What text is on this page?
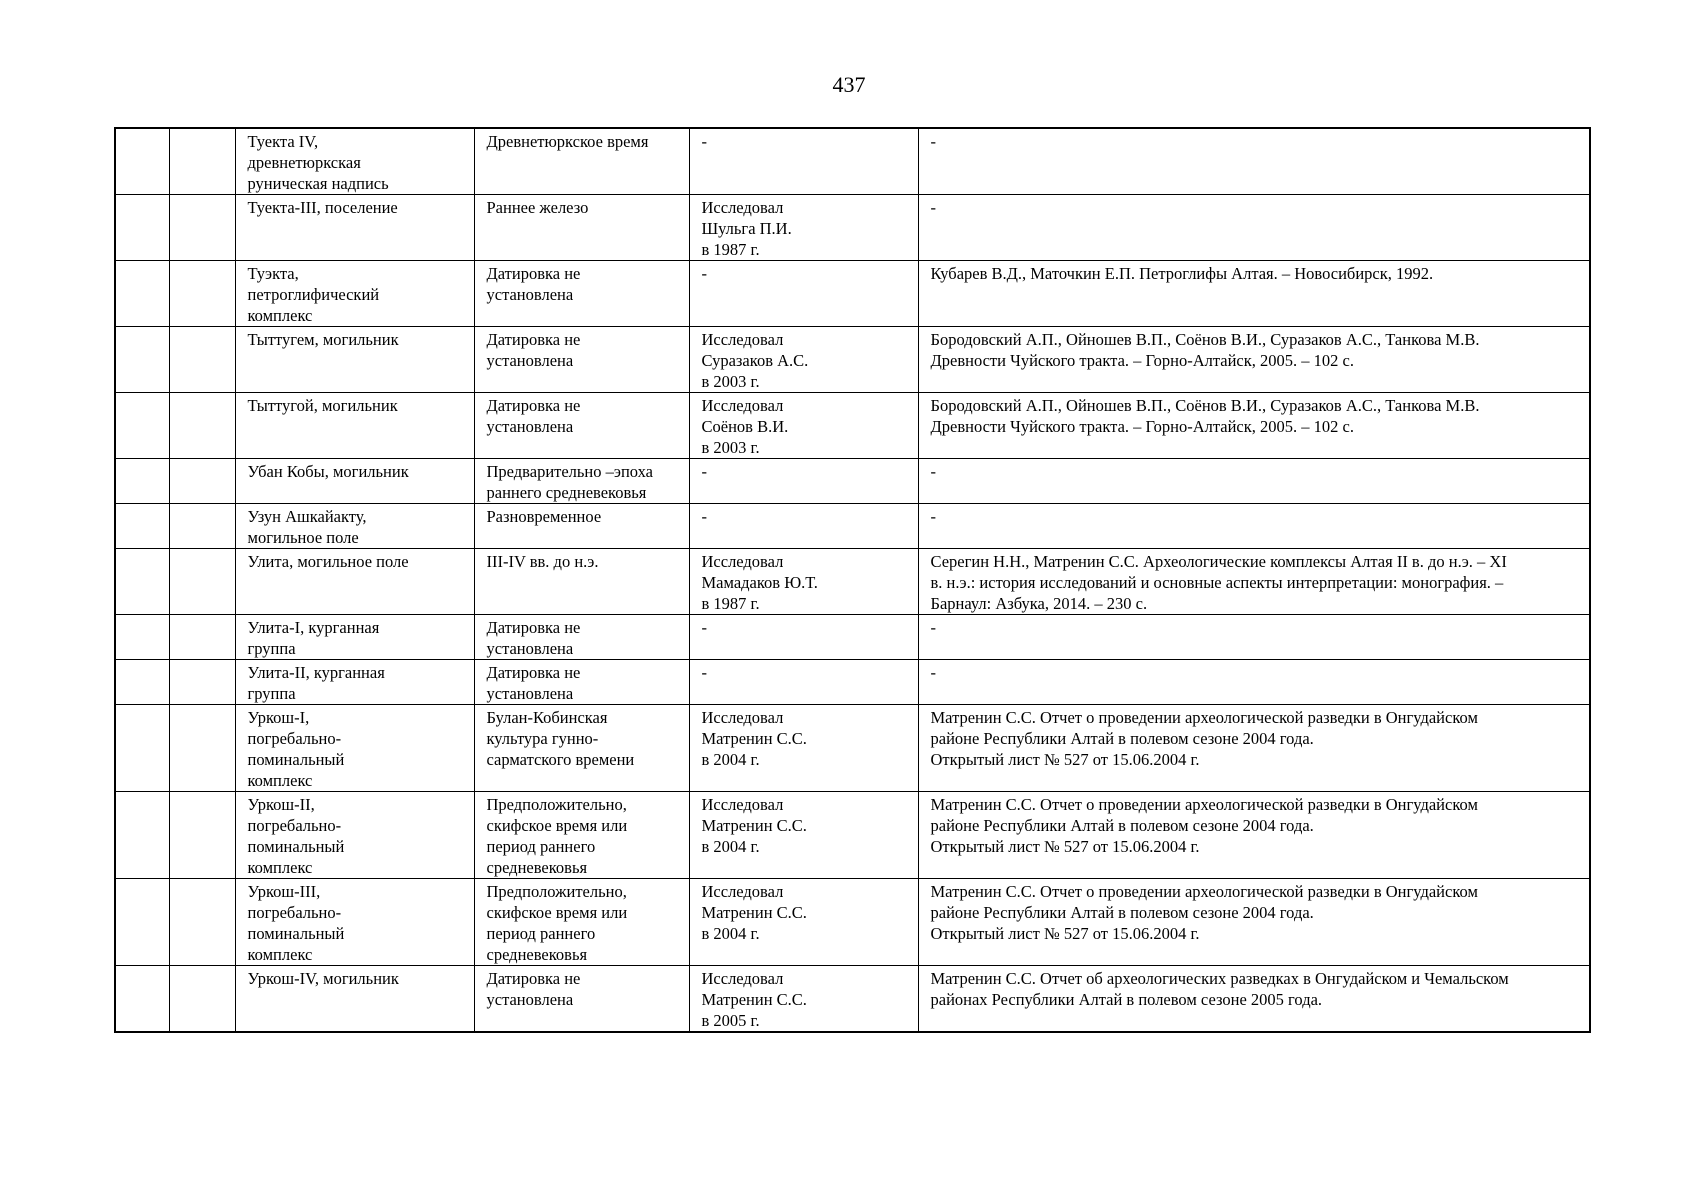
437
		Туекта IV,
древнетюркская
руническая надпись	Древнетюркское время	-	-
		Туекта-III, поселение	Раннее железо	Исследовал
Шульга П.И.
в 1987 г.	-
		Туэкта,
петроглифический
комплекс	Датировка не
установлена	-	Кубарев В.Д., Маточкин Е.П. Петроглифы Алтая. – Новосибирск, 1992.
		Тыттугем, могильник	Датировка не
установлена	Исследовал
Суразаков А.С.
в 2003 г.	Бородовский А.П., Ойношев В.П., Соёнов В.И., Суразаков А.С., Танкова М.В.
Древности Чуйского тракта. – Горно-Алтайск, 2005. – 102 с.
		Тыттугой, могильник	Датировка не
установлена	Исследовал
Соёнов В.И.
в 2003 г.	Бородовский А.П., Ойношев В.П., Соёнов В.И., Суразаков А.С., Танкова М.В.
Древности Чуйского тракта. – Горно-Алтайск, 2005. – 102 с.
		Убан Кобы, могильник	Предварительно –эпоха
раннего средневековья	-	-
		Узун Ашкайакту,
могильное поле	Разновременное	-	-
		Улита, могильное поле	III-IV вв. до н.э.	Исследовал
Мамадаков Ю.Т.
в 1987 г.	Серегин Н.Н., Матренин С.С. Археологические комплексы Алтая II в. до н.э. – XI
в. н.э.: история исследований и основные аспекты интерпретации: монография. –
Барнаул: Азбука, 2014. – 230 с.
		Улита-I, курганная
группа	Датировка не
установлена	-	-
		Улита-II, курганная
группа	Датировка не
установлена	-	-
		Уркош-I,
погребально-
поминальный
комплекс	Булан-Кобинская
культура гунно-
сарматского времени	Исследовал
Матренин С.С.
в 2004 г.	Матренин С.С. Отчет о проведении археологической разведки в Онгудайском
районе Республики Алтай в полевом сезоне 2004 года.
Открытый лист № 527 от 15.06.2004 г.
		Уркош-II,
погребально-
поминальный
комплекс	Предположительно,
скифское время или
период раннего
средневековья	Исследовал
Матренин С.С.
в 2004 г.	Матренин С.С. Отчет о проведении археологической разведки в Онгудайском
районе Республики Алтай в полевом сезоне 2004 года.
Открытый лист № 527 от 15.06.2004 г.
		Уркош-III,
погребально-
поминальный
комплекс	Предположительно,
скифское время или
период раннего
средневековья	Исследовал
Матренин С.С.
в 2004 г.	Матренин С.С. Отчет о проведении археологической разведки в Онгудайском
районе Республики Алтай в полевом сезоне 2004 года.
Открытый лист № 527 от 15.06.2004 г.
		Уркош-IV, могильник	Датировка не
установлена	Исследовал
Матренин С.С.
в 2005 г.	Матренин С.С. Отчет об археологических разведках в Онгудайском и Чемальском
районах Республики Алтай в полевом сезоне 2005 года.
